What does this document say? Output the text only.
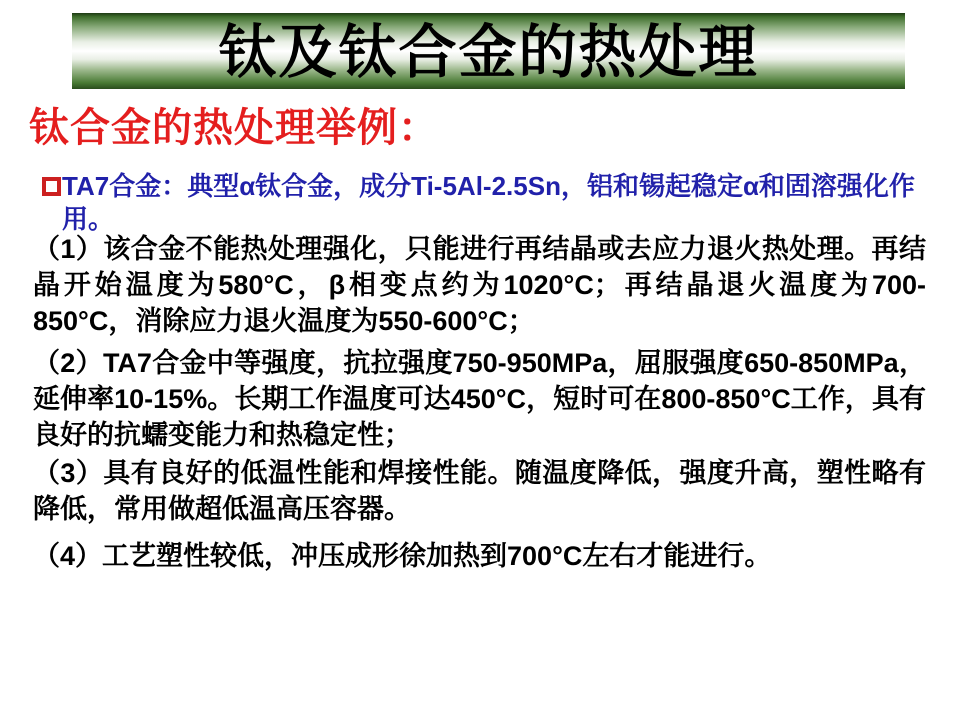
钛及钛合金的热处理
钛合金的热处理举例：
TA7合金：典型α钛合金，成分Ti-5Al-2.5Sn，铝和锡起稳定α和固溶强化作用。
（1）该合金不能热处理强化，只能进行再结晶或去应力退火热处理。再结晶开始温度为580°C，β相变点约为1020°C；再结晶退火温度为700-850°C，消除应力退火温度为550-600°C；
（2）TA7合金中等强度，抗拉强度750-950MPa，屈服强度650-850MPa，延伸率10-15%。长期工作温度可达450°C，短时可在800-850°C工作，具有良好的抗蠕变能力和热稳定性；
（3）具有良好的低温性能和焊接性能。随温度降低，强度升高，塑性略有降低，常用做超低温高压容器。
（4）工艺塑性较低，冲压成形徐加热到700°C左右才能进行。
